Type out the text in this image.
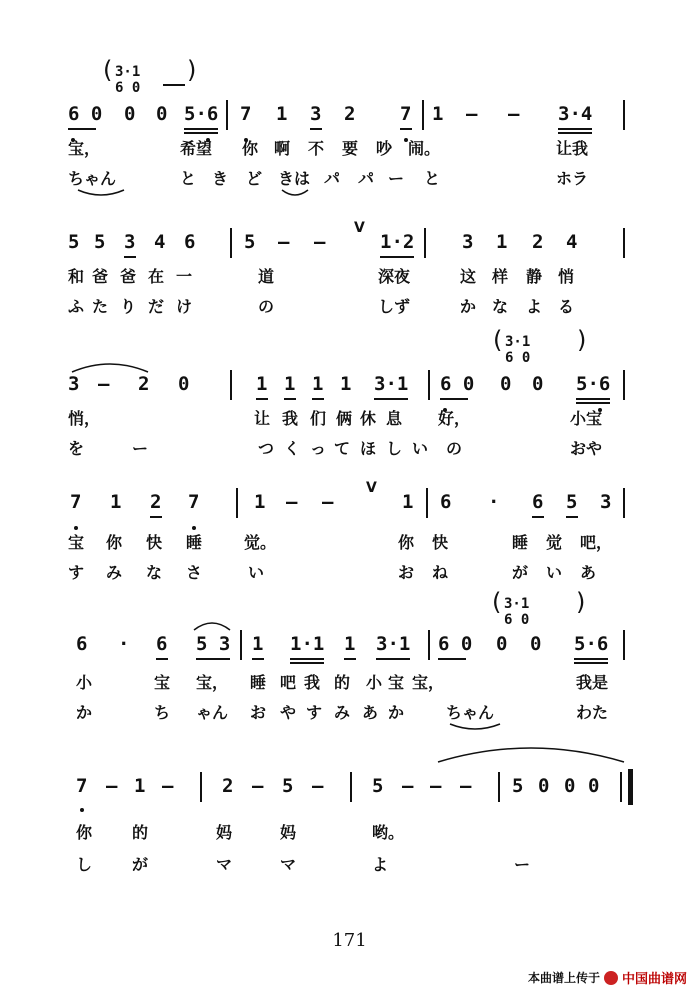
( 3·1 6 0
)
6 0 0 0 5·6 7 1 3 2 7 1 — — 3·4
宝，	希望 你 啊 不 要 吵 闹。	让我
ちゃん	と き ど きは パ パ ー と	ホラ
5 5 3 4 6	5 — —
V
1·2	3 1 2 4
和 爸 爸 在 一	道	深夜	这 样 静 悄
ふ た り だ け	の	しず	か な よ る
( 3·1 6 0
)
3 — 2 0	1 1 1 1 3·1 6 0 0 0 5·6
悄，	让 我 们 俩 休 息 好，	小宝
を	ー	つ く っ て ほ し い の	おや
7 1 2 7	1 — —
V
1 6 · 6 5 3
宝 你 快 睡	觉。	你 快	睡 觉 吧，
す み な さ	い	お ね	が い あ
( 3·1 6 0
)
6 · 6 5 3 1 1·1 1 3·1 6 0 0 0 5·6
小	宝 宝， 睡 吧 我 的 小 宝 宝，	我是
か	ち ゃん お や す み あ か	ちゃん	わた
7 — 1 —	2 — 5 —	5 — — — 5 0 0 0
你 的	妈	妈	哟。
し が	マ	マ	よ	ー
171
本曲谱上传于 中国曲谱网
